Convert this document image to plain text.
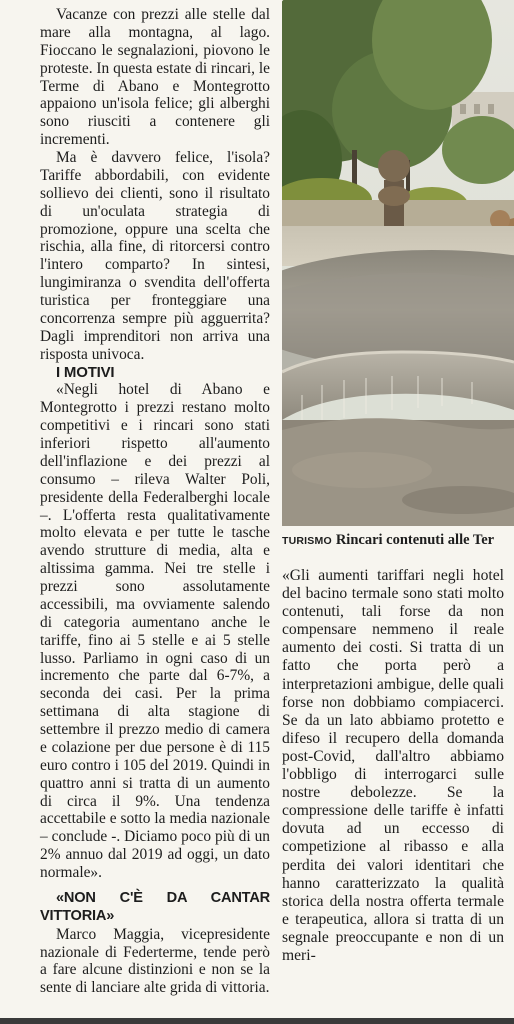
Vacanze con prezzi alle stelle dal mare alla montagna, al lago. Fioccano le segnalazioni, piovono le proteste. In questa estate di rincari, le Terme di Abano e Montegrotto appaiono un'isola felice; gli alberghi sono riusciti a contenere gli incrementi.

Ma è davvero felice, l'isola? Tariffe abbordabili, con evidente sollievo dei clienti, sono il risultato di un'oculata strategia di promozione, oppure una scelta che rischia, alla fine, di ritorcersi contro l'intero comparto? In sintesi, lungimiranza o svendita dell'offerta turistica per fronteggiare una concorrenza sempre più agguerrita? Dagli imprenditori non arriva una risposta univoca.

I MOTIVI

«Negli hotel di Abano e Montegrotto i prezzi restano molto competitivi e i rincari sono stati inferiori rispetto all'aumento dell'inflazione e dei prezzi al consumo – rileva Walter Poli, presidente della Federalberghi locale –. L'offerta resta qualitativamente molto elevata e per tutte le tasche avendo strutture di media, alta e altissima gamma. Nei tre stelle i prezzi sono assolutamente accessibili, ma ovviamente salendo di categoria aumentano anche le tariffe, fino ai 5 stelle e ai 5 stelle lusso. Parliamo in ogni caso di un incremento che parte dal 6-7%, a seconda dei casi. Per la prima settimana di alta stagione di settembre il prezzo medio di camera e colazione per due persone è di 115 euro contro i 105 del 2019. Quindi in quattro anni si tratta di un aumento di circa il 9%. Una tendenza accettabile e sotto la media nazionale – conclude -. Diciamo poco più di un 2% annuo dal 2019 ad oggi, un dato normale».

«NON C'È DA CANTAR VITTORIA»

Marco Maggia, vicepresidente nazionale di Federterme, tende però a fare alcune distinzioni e non se la sente di lanciare alte grida di vittoria.

TURISMO Rincari contenuti alle Ter

«Gli aumenti tariffari negli hotel del bacino termale sono stati molto contenuti, tali forse da non compensare nemmeno il reale aumento dei costi. Si tratta di un fatto che porta però a interpretazioni ambigue, delle quali forse non dobbiamo compiacerci. Se da un lato abbiamo protetto e difeso il recupero della domanda post-Covid, dall'altro abbiamo l'obbligo di interrogarci sulle nostre debolezze. Se la compressione delle tariffe è infatti dovuta ad un eccesso di competizione al ribasso e alla perdita dei valori identitari che hanno caratterizzato la qualità storica della nostra offerta termale e terapeutica, allora si tratta di un segnale preoccupante e non di un meri-
